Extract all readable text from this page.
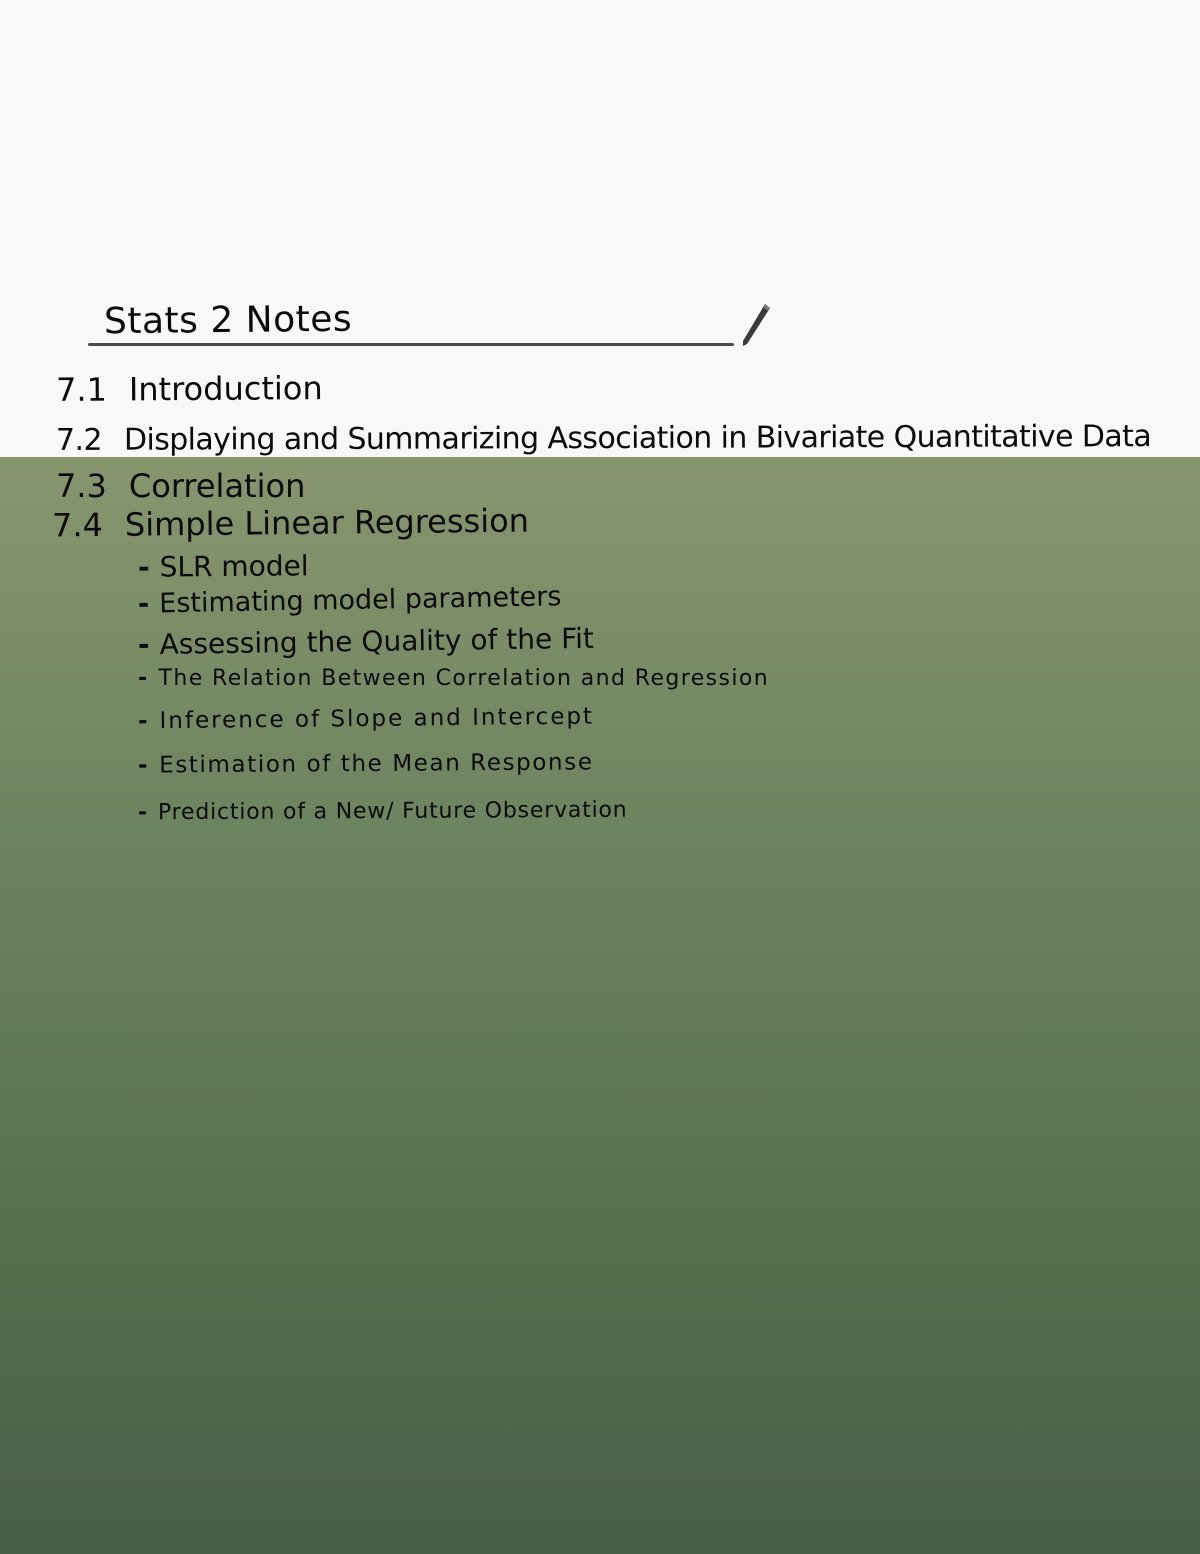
Stats 2 Notes
7.1 Introduction
7.2 Displaying and Summarizing Association in Bivariate Quantitative Data
7.3 Correlation
7.4 Simple Linear Regression
- SLR model
- Estimating model parameters
- Assessing the Quality of the Fit
- The Relation Between Correlation and Regression
- Inference of Slope and Intercept
- Estimation of the Mean Response
- Prediction of a New/ Future Observation
